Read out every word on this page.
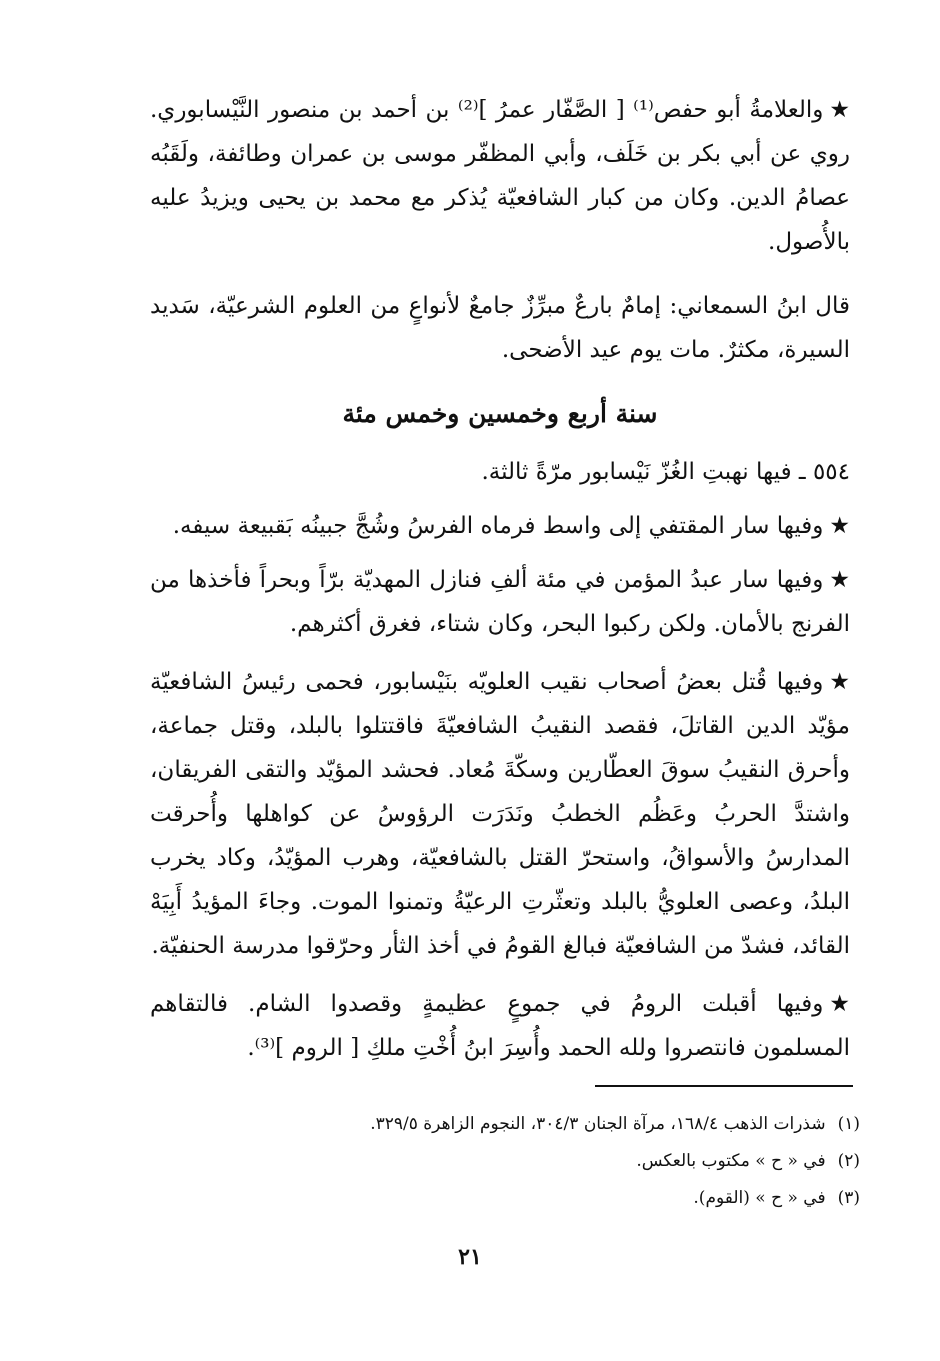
★والعلامةُ أبو حفص⁽¹⁾ [ الصَّفّار عمرُ ]⁽²⁾ بن أحمد بن منصور النَّيْسابوري. روي عن أبي بكر بن خَلَف، وأبي المظفّر موسى بن عمران وطائفة، ولَقَبُه عصامُ الدين. وكان من كبار الشافعيّة يُذكر مع محمد بن يحيى ويزيدُ عليه بالأُصول.

قال ابنُ السمعاني: إمامٌ بارعٌ مبرِّزٌ جامعٌ لأنواعٍ من العلوم الشرعيّة، سَديد السيرة، مكثرٌ. مات يوم عيد الأضحى.

سنة أربع وخمسين وخمس مئة

٥٥٤ ـ فيها نهبتِ الغُزّ نَيْسابور مرّةً ثالثة.

★وفيها سار المقتفي إلى واسط فرماه الفرسُ وشُجَّ جبينُه بَقبيعة سيفه.

★وفيها سار عبدُ المؤمن في مئة ألفِ فنازل المهديّة برّاً وبحراً فأخذها من الفرنج بالأمان. ولكن ركبوا البحر، وكان شتاء، فغرق أكثرهم.

★وفيها قُتل بعضُ أصحاب نقيب العلويّه بنَيْسابور، فحمى رئيسُ الشافعيّة مؤيّد الدين القاتلَ، فقصد النقيبُ الشافعيّةَ فاقتتلوا بالبلد، وقتل جماعة، وأحرق النقيبُ سوقَ العطّارين وسكّةَ مُعاد. فحشد المؤيّد والتقى الفريقان، واشتدَّ الحربُ وعَظُم الخطبُ ونَدَرَت الرؤوسُ عن كواهلها وأُحرقت المدارسُ والأسواقُ، واستحرّ القتل بالشافعيّة، وهرب المؤيّدُ، وكاد يخرب البلدُ، وعصى العلويُّ بالبلد وتعثّرتِ الرعيّةُ وتمنوا الموت. وجاءَ المؤيدُ أَبِيَهْ القائد، فشدّ من الشافعيّة فبالغ القومُ في أخذ الثأر وحرّقوا مدرسة الحنفيّة.

★وفيها أقبلت الرومُ في جموعٍ عظيمةٍ وقصدوا الشام. فالتقاهم المسلمون فانتصروا ولله الحمد وأُسِرَ ابنُ أُخْتِ ملكِ [ الروم ]⁽³⁾.

(١)شذرات الذهب ١٦٨/٤، مرآة الجنان ٣٠٤/٣، النجوم الزاهرة ٣٢٩/٥.
(٢)في « ح » مكتوب بالعكس.
(٣)في « ح » (القوم).
٢١
